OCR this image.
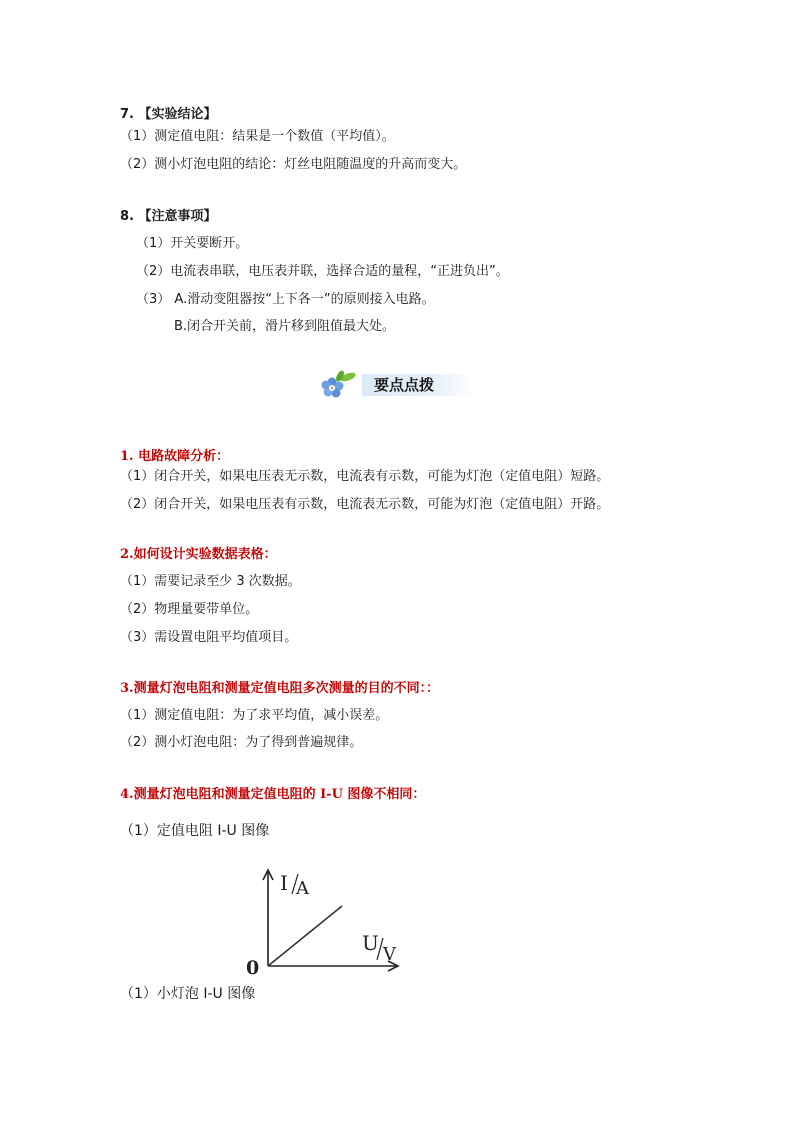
7. 【实验结论】
（1）测定值电阻：结果是一个数值（平均值）。
（2）测小灯泡电阻的结论：灯丝电阻随温度的升高而变大。
8. 【注意事项】
（1）开关要断开。
（2）电流表串联，电压表并联，选择合适的量程，“正进负出”。
（3） A.滑动变阻器按“上下各一”的原则接入电路。
B.闭合开关前，滑片移到阻值最大处。
要点点拨
1. 电路故障分析：
（1）闭合开关，如果电压表无示数，电流表有示数，可能为灯泡（定值电阻）短路。
（2）闭合开关，如果电压表有示数，电流表无示数，可能为灯泡（定值电阻）开路。
2.如何设计实验数据表格：
（1）需要记录至少 3 次数据。
（2）物理量要带单位。
（3）需设置电阻平均值项目。
3.测量灯泡电阻和测量定值电阻多次测量的目的不同：：
（1）测定值电阻：为了求平均值，减小误差。
（2）测小灯泡电阻：为了得到普遍规律。
4.测量灯泡电阻和测量定值电阻的 I-U 图像不相同：
（1）定值电阻 I-U 图像
I A
U V
0
（1）小灯泡 I-U 图像
